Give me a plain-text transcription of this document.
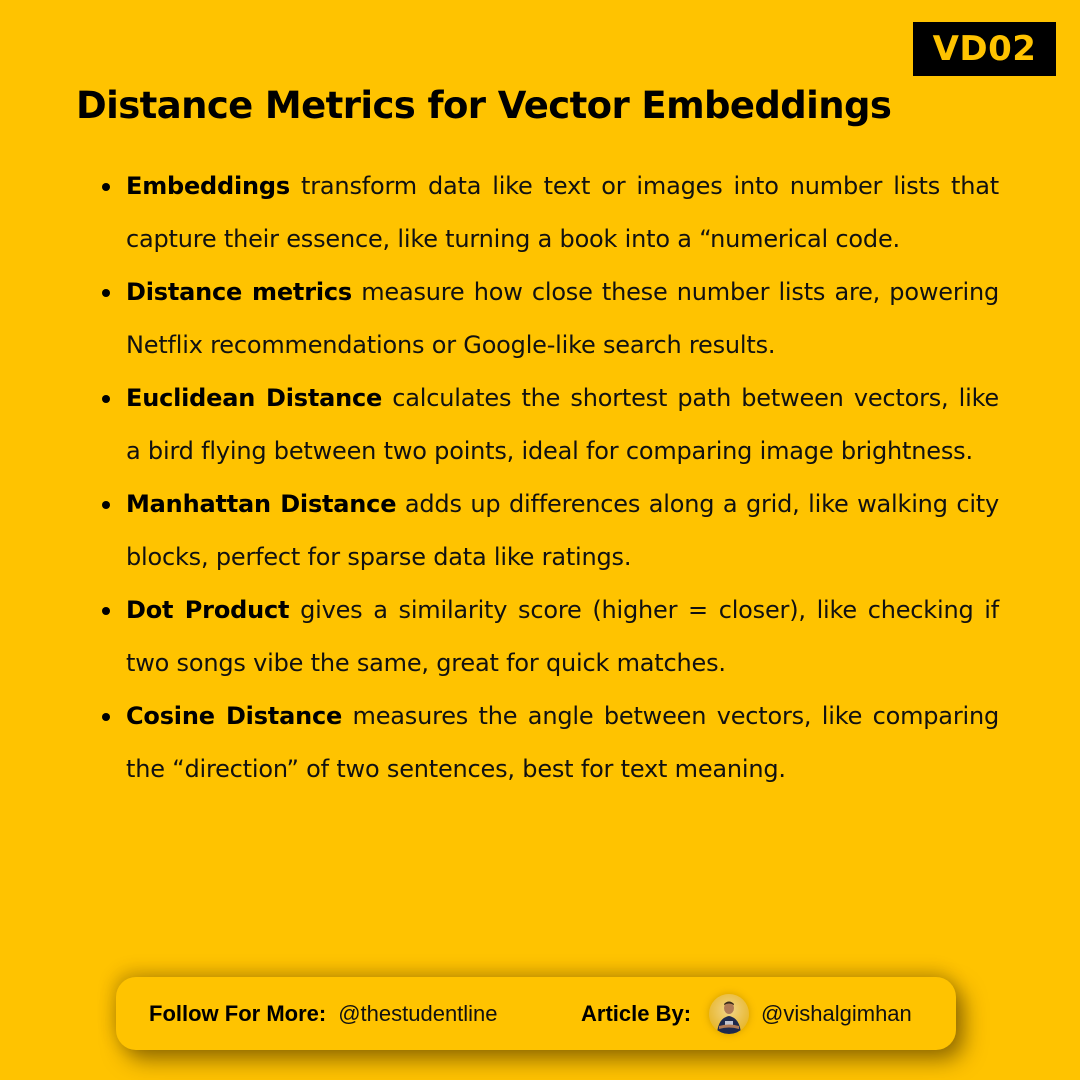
VD02
Distance Metrics for Vector Embeddings
Embeddings transform data like text or images into number lists that capture their essence, like turning a book into a “numerical code.
Distance metrics measure how close these number lists are, powering Netflix recommendations or Google-like search results.
Euclidean Distance calculates the shortest path between vectors, like a bird flying between two points, ideal for comparing image brightness.
Manhattan Distance adds up differences along a grid, like walking city blocks, perfect for sparse data like ratings.
Dot Product gives a similarity score (higher = closer), like checking if two songs vibe the same, great for quick matches.
Cosine Distance measures the angle between vectors, like comparing the “direction” of two sentences, best for text meaning.
Follow For More: @thestudentline	Article By:	@vishalgimhan
